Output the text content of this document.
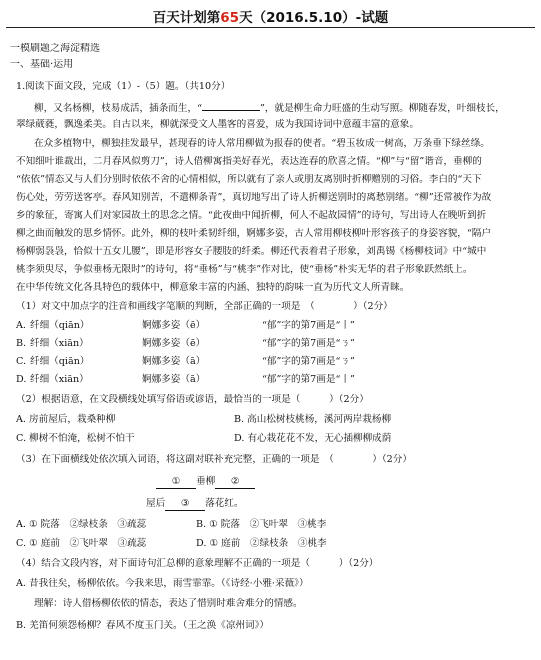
百天计划第65天（2016.5.10）-试题
一模刷题之海淀精选
一、基础·运用
1.阅读下面文段，完成（1）-（5）题。（共10分）
柳，又名杨柳，枝易成活，插条而生，“	”，就是柳生命力旺盛的生动写照。柳随春发，叶细枝长，
翠绿葳蕤，飘逸柔美。自古以来，柳就深受文人墨客的喜爱，成为我国诗词中意蕴丰富的意象。
在众多植物中，柳独挂发最早，甚现春的诗人常用柳做为报春的使者。“碧玉妆成一树高，万条垂下绿丝绦。
不知细叶谁裁出，二月春风似剪刀”，诗人借柳寓指美好春光，表达连春的欣喜之情。“柳”与“留”谐音，垂柳的
“依依”情态又与人们分别时依依不舍的心情相似，所以就有了亲人或朋友离别时折柳赠别的习俗。李白的“天下
伤心处，劳劳送客亭。春风知别苦，不遣柳条青”，真切地写出了诗人折柳送别时的离愁别绪。“柳”还常被作为故
乡的象征，寄寓人们对家园故土的思念之情。“此夜曲中闻折柳，何人不起故园情”的诗句，写出诗人在晚听到折
柳之曲而触发的思乡情怀。此外，柳的枝叶柔韧纤细，婀娜多姿，古人常用柳枝柳叶形容孩子的身姿容貌，“隔户
杨柳弱袅袅，恰似十五女儿腰”，即是形容女子腰肢的纤柔。柳还代表着君子形象，刘禹锡《杨柳枝词》中“城中
桃李须臾尽，争似垂杨无限时”的诗句，将“垂杨”与“桃李”作对比，使“垂杨”朴实无华的君子形象跃然纸上。
在中华传统文化各具特色的载体中，柳意象丰富的内涵、独特的韵味一直为历代文人所青睐。
（1）对文中加点字的注音和画线字笔顺的判断，全部正确的一项是　（　　　　）（2分）
A. 纤细（qiān）	婀娜多姿（ē）	“郁”字的第7画是“丨”
B. 纤细（xiān）	婀娜多姿（ē）	“郁”字的第7画是“ㄋ”
C. 纤细（qiān）	婀娜多姿（ā）	“郁”字的第7画是“ㄋ”
D. 纤细（xiān）	婀娜多姿（ā）	“郁”字的第7画是“丨”
（2）根据语意，在文段横线处填写俗语或谚语，最恰当的一项是（　　　）（2分）
A. 房前屋后，栽桑种柳	B. 高山松树枝桃杨，溪河两岸栽杨柳
C. 柳树不怕淹，松树不怕干	D. 有心栽花花不发，无心插柳柳成荫
（3）在下面横线处依次填入词语，将这副对联补充完整，正确的一项是　（　　　　）（2分）
① 垂柳 ②
屋后 ③ 落花红。
A. ① 院落　②绿枝条　③疏蕊	B. ① 院落　②飞叶翠　③桃李
C. ① 庭前　②飞叶翠　③疏蕊	D. ① 庭前　②绿枝条　③桃李
（4）结合文段内容，对下面诗句汇总柳的意象理解不正确的一项是（　　　）（2分）
A. 昔我往矣，杨柳依依。今我来思，雨雪霏霏。（《诗经·小雅·采薇》）
理解：诗人借杨柳依依的情态，表达了惜别时难舍难分的情感。
B. 羌笛何须怨杨柳？春风不度玉门关。（王之涣《凉州词》）
